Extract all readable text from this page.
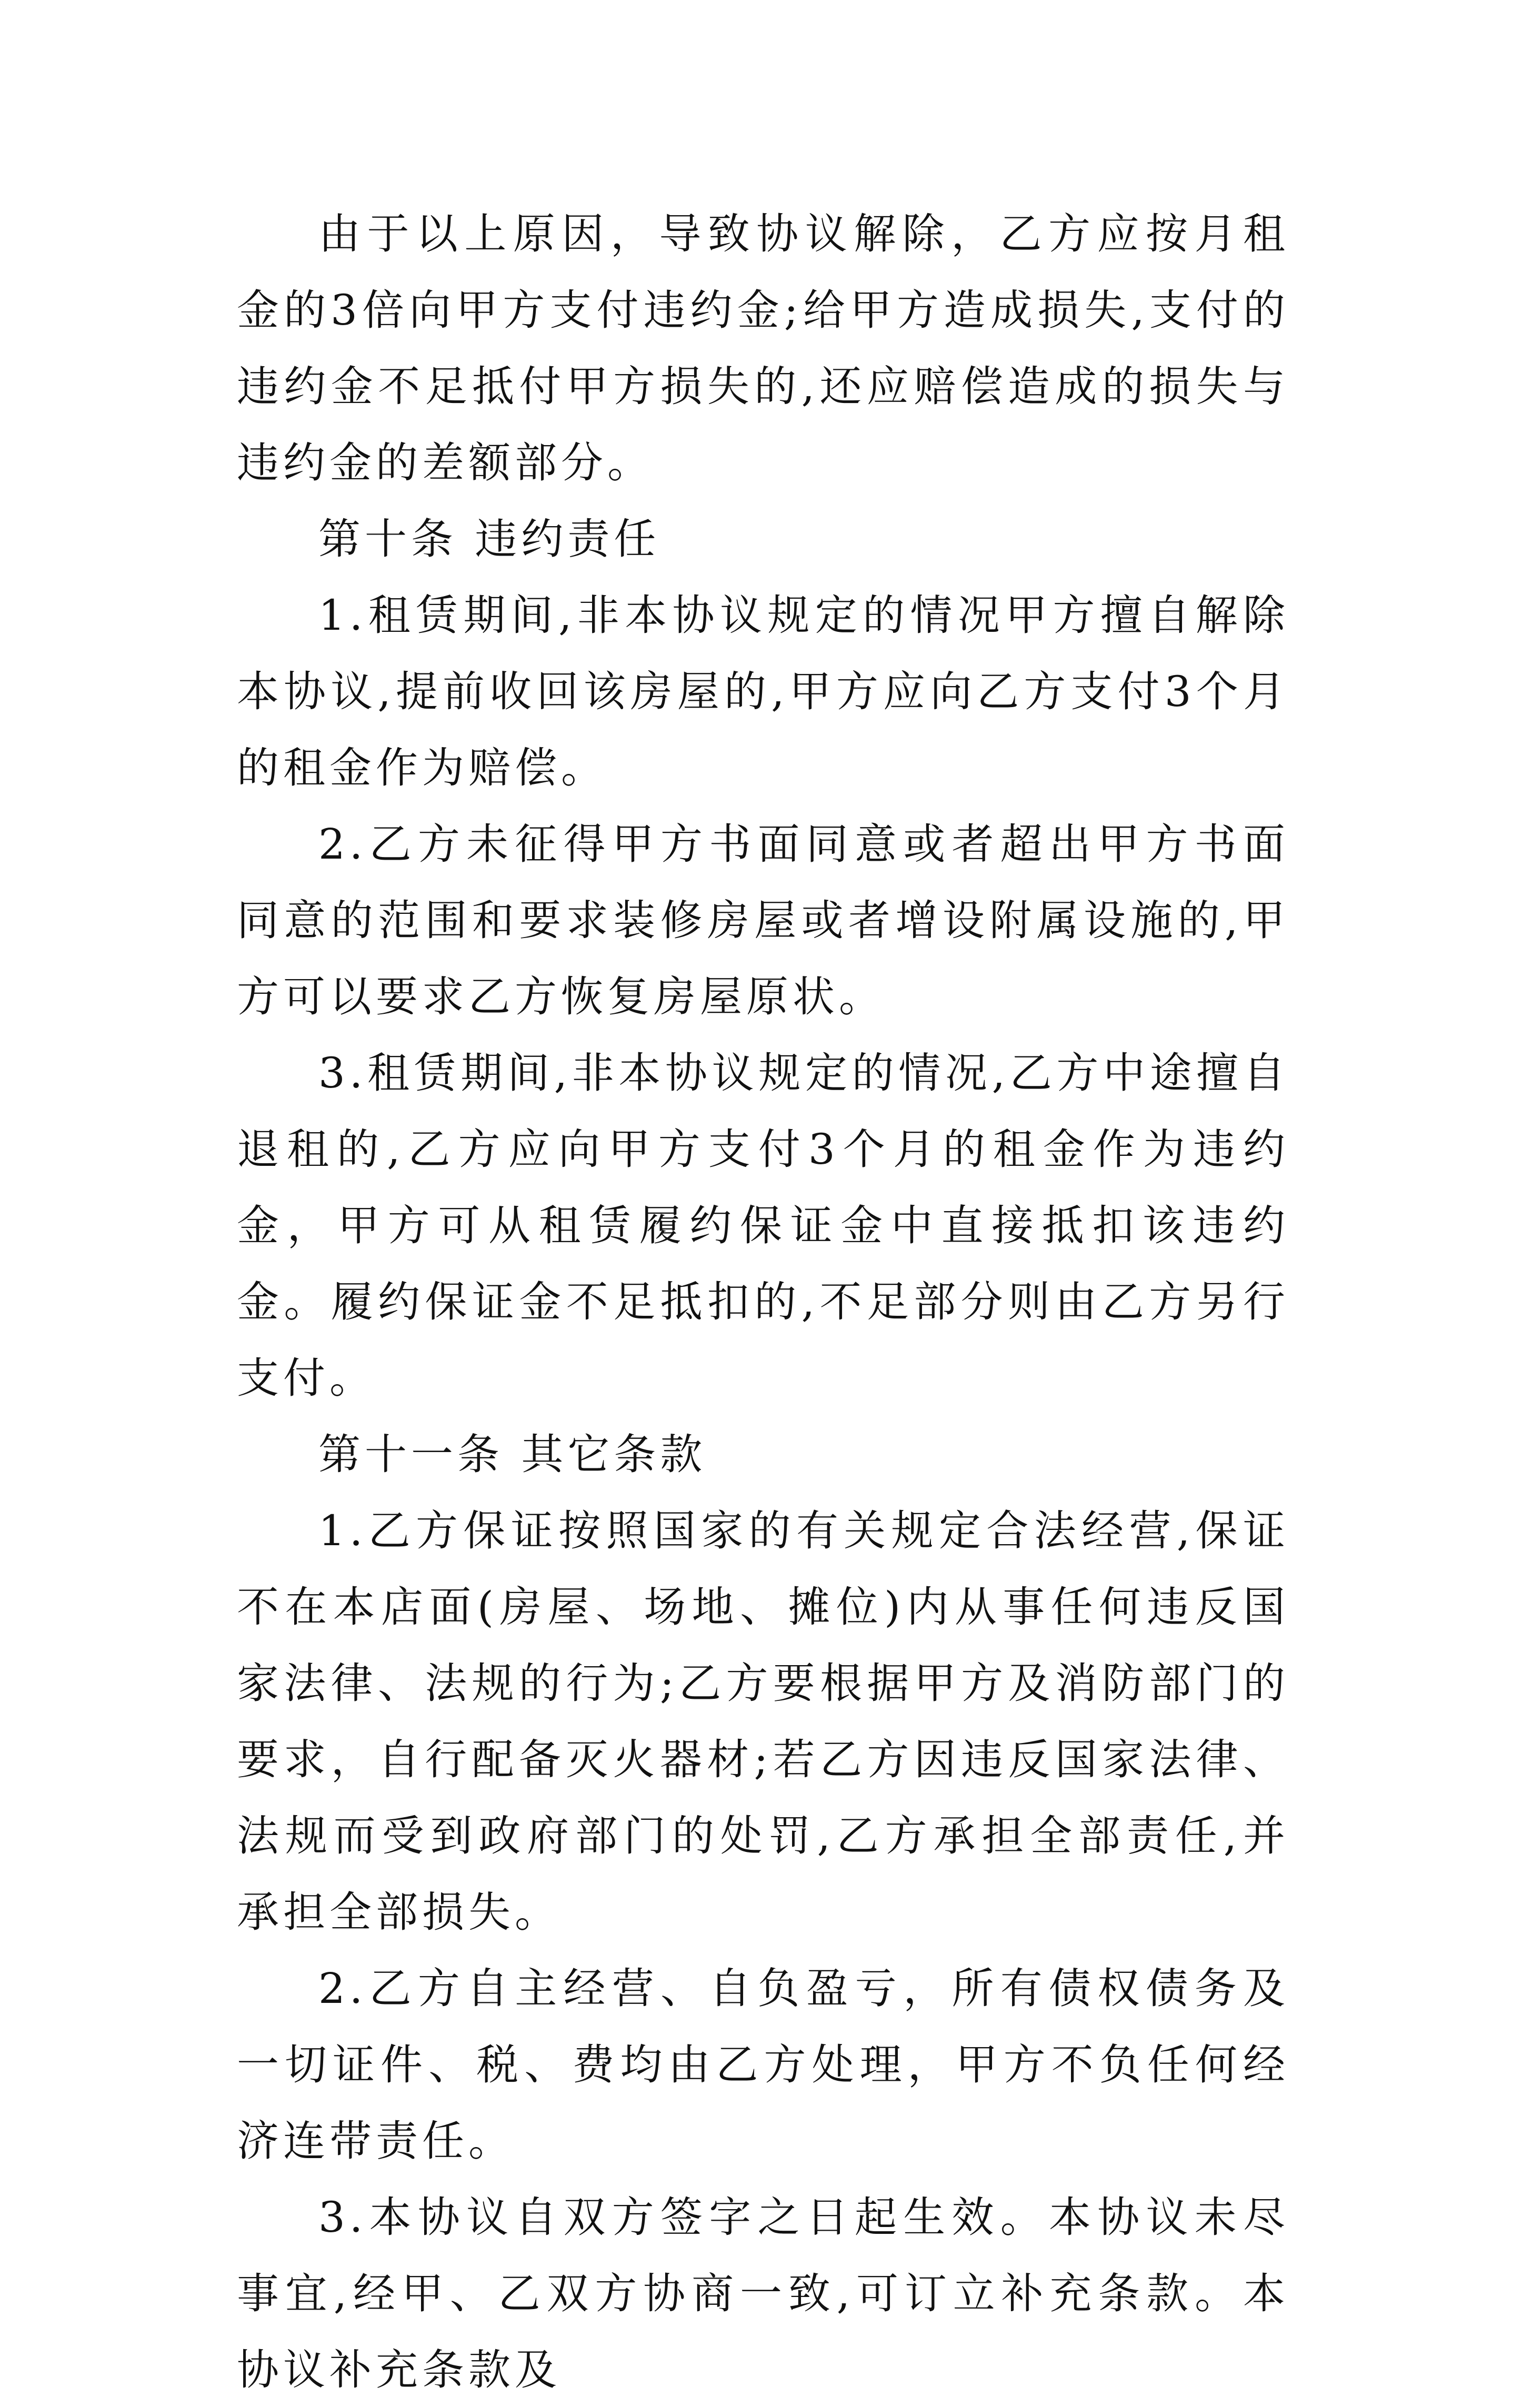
由于以上原因，导致协议解除，乙方应按月租金的3倍向甲方支付违约金;给甲方造成损失,支付的违约金不足抵付甲方损失的,还应赔偿造成的损失与违约金的差额部分。

第十条 违约责任

1.租赁期间,非本协议规定的情况甲方擅自解除本协议,提前收回该房屋的,甲方应向乙方支付3个月的租金作为赔偿。

2.乙方未征得甲方书面同意或者超出甲方书面同意的范围和要求装修房屋或者增设附属设施的,甲方可以要求乙方恢复房屋原状。

3.租赁期间,非本协议规定的情况,乙方中途擅自退租的,乙方应向甲方支付3个月的租金作为违约金，甲方可从租赁履约保证金中直接抵扣该违约金。履约保证金不足抵扣的,不足部分则由乙方另行支付。

第十一条 其它条款

1.乙方保证按照国家的有关规定合法经营,保证不在本店面(房屋、场地、摊位)内从事任何违反国家法律、法规的行为;乙方要根据甲方及消防部门的要求，自行配备灭火器材;若乙方因违反国家法律、法规而受到政府部门的处罚,乙方承担全部责任,并承担全部损失。

2.乙方自主经营、自负盈亏，所有债权债务及一切证件、税、费均由乙方处理，甲方不负任何经济连带责任。

3.本协议自双方签字之日起生效。本协议未尽事宜,经甲、乙双方协商一致,可订立补充条款。本协议补充条款及
